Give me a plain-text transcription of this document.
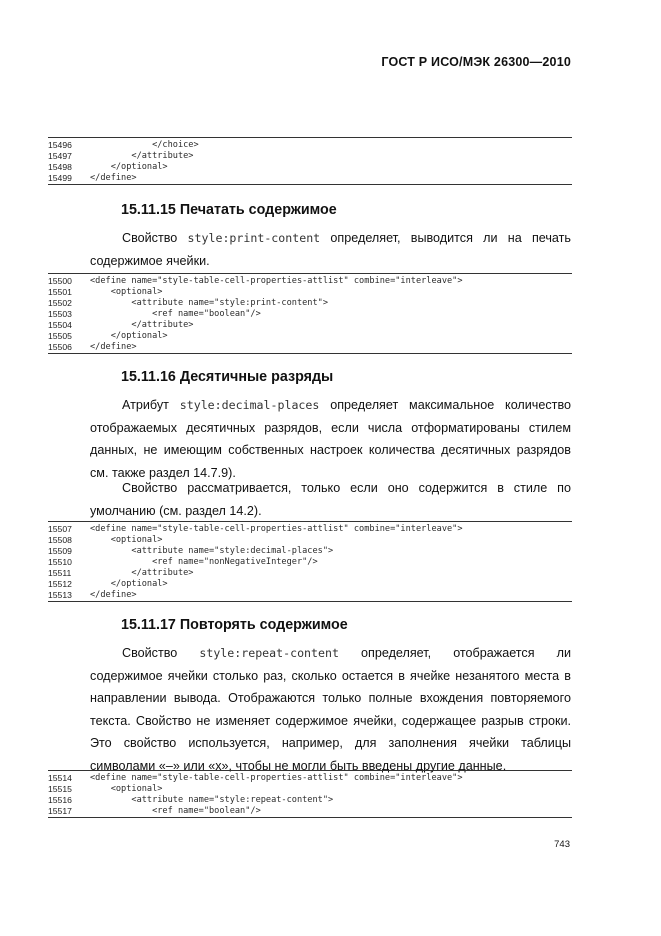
ГОСТ Р ИСО/МЭК 26300—2010
15496	</choice>
15497	</attribute>
15498	</optional>
15499	</define>
15.11.15 Печатать содержимое

Свойство style:print-content определяет, выводится ли на печать содержимое ячейки.

15500	<define name="style-table-cell-properties-attlist" combine="interleave">
15501	<optional>
15502	<attribute name="style:print-content">
15503	<ref name="boolean"/>
15504	</attribute>
15505	</optional>
15506	</define>
15.11.16 Десятичные разряды

Атрибут style:decimal-places определяет максимальное количество отображаемых десятичных разрядов, если числа отформатированы стилем данных, не имеющим собственных настроек количества десятичных разрядов см. также раздел 14.7.9).

Свойство рассматривается, только если оно содержится в стиле по умолчанию (см. раздел 14.2).

15507	<define name="style-table-cell-properties-attlist" combine="interleave">
15508	<optional>
15509	<attribute name="style:decimal-places">
15510	<ref name="nonNegativeInteger"/>
15511	</attribute>
15512	</optional>
15513	</define>
15.11.17 Повторять содержимое

Свойство style:repeat-content определяет, отображается ли содержимое ячейки столько раз, сколько остается в ячейке незанятого места в направлении вывода. Отображаются только полные вхождения повторяемого текста. Свойство не изменяет содержимое ячейки, содержащее разрыв строки. Это свойство используется, например, для заполнения ячейки таблицы символами «–» или «х», чтобы не могли быть введены другие данные.

15514	<define name="style-table-cell-properties-attlist" combine="interleave">
15515	<optional>
15516	<attribute name="style:repeat-content">
15517	<ref name="boolean"/>
743
